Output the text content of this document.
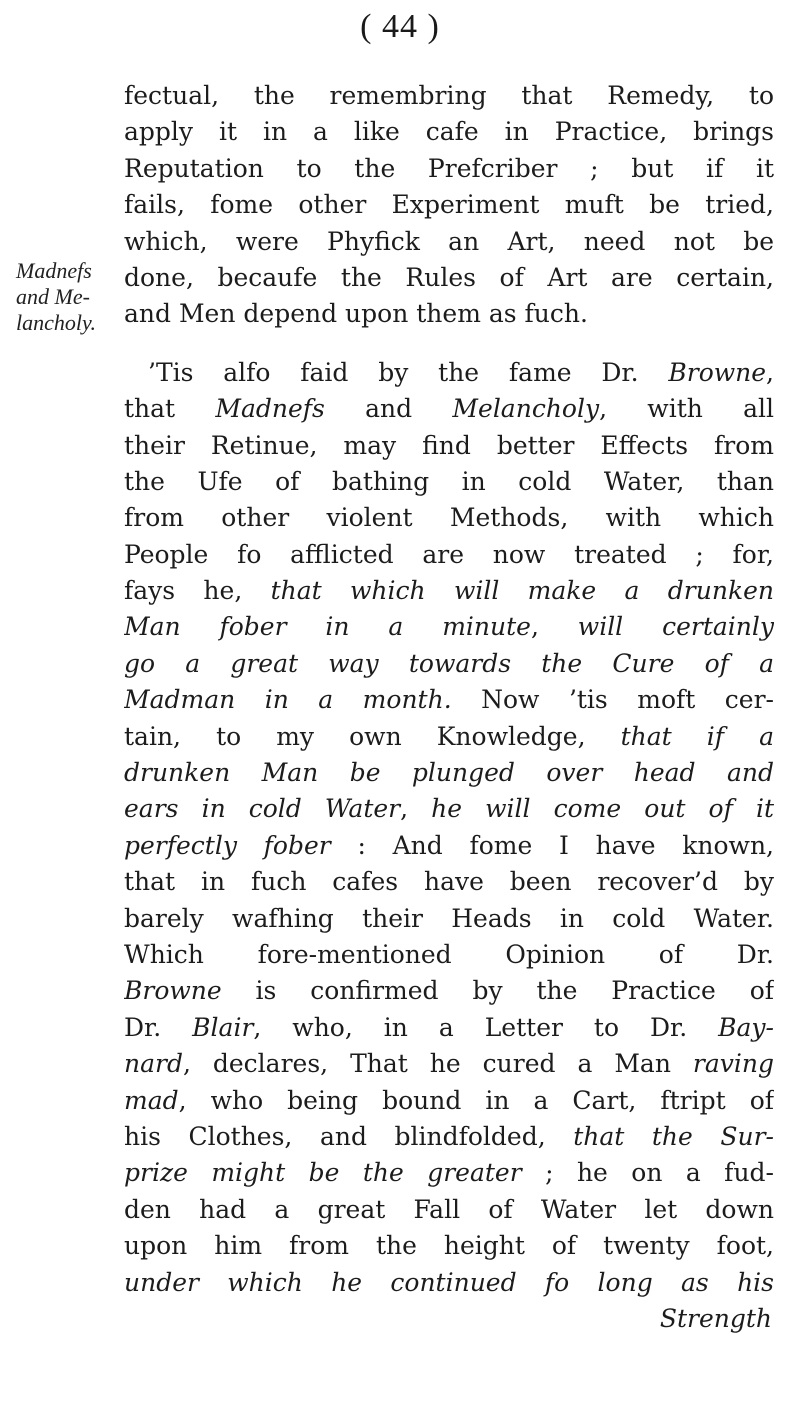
( 44 )
Madnefs
and Me-
lancholy.
fectual, the remembring that Remedy, to
apply it in a like cafe in Practice, brings
Reputation to the Prefcriber ; but if it
fails, fome other Experiment muft be tried,
which, were Phyfick an Art, need not be
done, becaufe the Rules of Art are certain,
and Men depend upon them as fuch.
’Tis alfo faid by the fame Dr. Browne,
that Madnefs and Melancholy, with all
their Retinue, may find better Effects from
the Ufe of bathing in cold Water, than
from other violent Methods, with which
People fo afflicted are now treated ; for,
fays he, that which will make a drunken
Man fober in a minute, will certainly
go a great way towards the Cure of a
Madman in a month. Now ’tis moft cer-
tain, to my own Knowledge, that if a
drunken Man be plunged over head and
ears in cold Water, he will come out of it
perfectly fober : And fome I have known,
that in fuch cafes have been recover’d by
barely wafhing their Heads in cold Water.
Which fore-mentioned Opinion of Dr.
Browne is confirmed by the Practice of
Dr. Blair, who, in a Letter to Dr. Bay-
nard, declares, That he cured a Man raving
mad, who being bound in a Cart, ftript of
his Clothes, and blindfolded, that the Sur-
prize might be the greater ; he on a fud-
den had a great Fall of Water let down
upon him from the height of twenty foot,
under which he continued fo long as his
Strength
